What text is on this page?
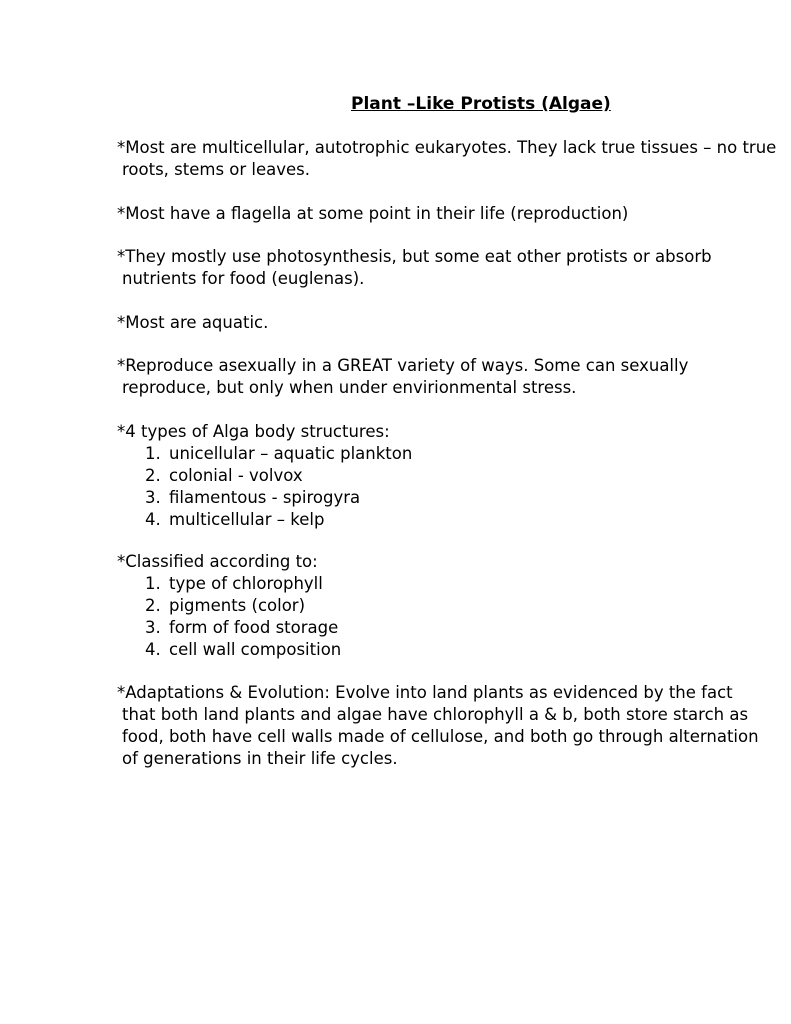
Plant –Like Protists (Algae)

*Most are multicellular, autotrophic eukaryotes. They lack true tissues – no true roots, stems or leaves.

*Most have a flagella at some point in their life (reproduction)

*They mostly use photosynthesis, but some eat other protists or absorb nutrients for food (euglenas).

*Most are aquatic.

*Reproduce asexually in a GREAT variety of ways. Some can sexually reproduce, but only when under envirionmental stress.

*4 types of Alga body structures:

1. unicellular – aquatic plankton
2. colonial - volvox
3. filamentous - spirogyra
4. multicellular – kelp

*Classified according to:

1. type of chlorophyll
2. pigments (color)
3. form of food storage
4. cell wall composition

*Adaptations & Evolution: Evolve into land plants as evidenced by the fact that both land plants and algae have chlorophyll a & b, both store starch as food, both have cell walls made of cellulose, and both go through alternation of generations in their life cycles.
